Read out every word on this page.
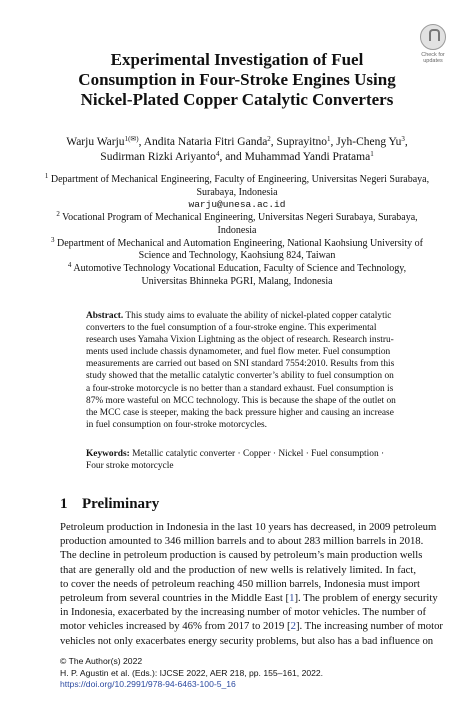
Check for
updates
Experimental Investigation of Fuel
Consumption in Four-Stroke Engines Using
Nickel-Plated Copper Catalytic Converters
Warju Warju$^{1(✉)}$, Andita Nataria Fitri Ganda$^2$, Suprayitno$^1$, Jyh-Cheng Yu$^3$,
Sudirman Rizki Ariyanto$^4$, and Muhammad Yandi Pratama$^1$
$^1$ Department of Mechanical Engineering, Faculty of Engineering, Universitas Negeri Surabaya,
Surabaya, Indonesia
warju@unesa.ac.id
$^2$ Vocational Program of Mechanical Engineering, Universitas Negeri Surabaya, Surabaya,
Indonesia
$^3$ Department of Mechanical and Automation Engineering, National Kaohsiung University of
Science and Technology, Kaohsiung 824, Taiwan
$^4$ Automotive Technology Vocational Education, Faculty of Science and Technology,
Universitas Bhinneka PGRI, Malang, Indonesia
Abstract. This study aims to evaluate the ability of nickel-plated copper catalytic
converters to the fuel consumption of a four-stroke engine. This experimental
research uses Yamaha Vixion Lightning as the object of research. Research instru-
ments used include chassis dynamometer, and fuel flow meter. Fuel consumption
measurements are carried out based on SNI standard 7554:2010. Results from this
study showed that the metallic catalytic converter’s ability to fuel consumption on
a four-stroke motorcycle is no better than a standard exhaust. Fuel consumption is
87% more wasteful on MCC technology. This is because the shape of the outlet on
the MCC case is steeper, making the back pressure higher and causing an increase
in fuel consumption on four-stroke motorcycles.
Keywords: Metallic catalytic converter · Copper · Nickel · Fuel consumption ·
Four stroke motorcycle
1 Preliminary
Petroleum production in Indonesia in the last 10 years has decreased, in 2009 petroleum
production amounted to 346 million barrels and to about 283 million barrels in 2018.
The decline in petroleum production is caused by petroleum’s main production wells
that are generally old and the production of new wells is relatively limited. In fact,
to cover the needs of petroleum reaching 450 million barrels, Indonesia must import
petroleum from several countries in the Middle East [1]. The problem of energy security
in Indonesia, exacerbated by the increasing number of motor vehicles. The number of
motor vehicles increased by 46% from 2017 to 2019 [2]. The increasing number of motor
vehicles not only exacerbates energy security problems, but also has a bad influence on
© The Author(s) 2022
H. P. Agustin et al. (Eds.): IJCSE 2022, AER 218, pp. 155–161, 2022.
https://doi.org/10.2991/978-94-6463-100-5_16
